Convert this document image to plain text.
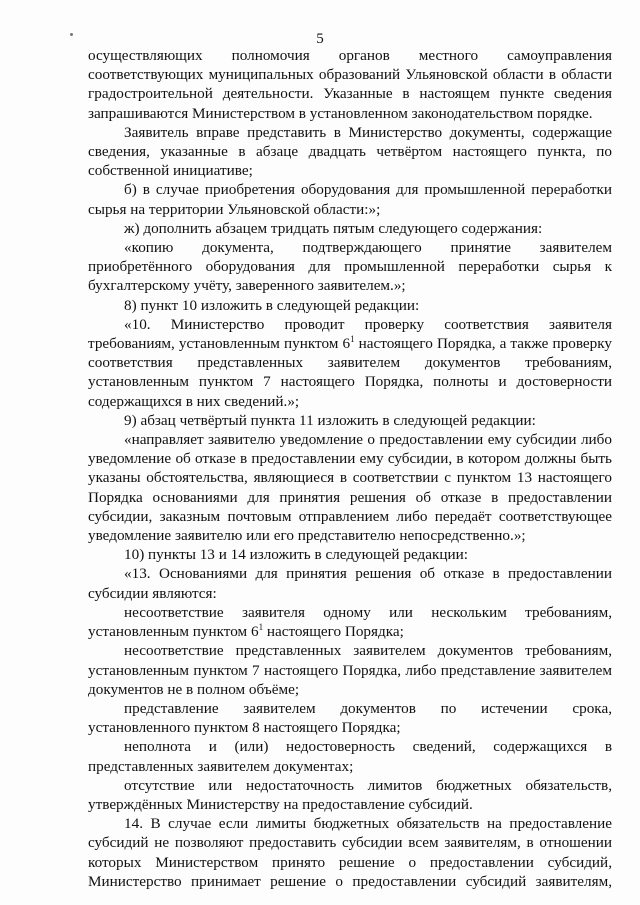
5

осуществляющих полномочия органов местного самоуправления соответствующих муниципальных образований Ульяновской области в области градостроительной деятельности. Указанные в настоящем пункте сведения запрашиваются Министерством в установленном законодательством порядке.

Заявитель вправе представить в Министерство документы, содержащие сведения, указанные в абзаце двадцать четвёртом настоящего пункта, по собственной инициативе;

б) в случае приобретения оборудования для промышленной переработки сырья на территории Ульяновской области:»;

ж) дополнить абзацем тридцать пятым следующего содержания:

«копию документа, подтверждающего принятие заявителем приобретённого оборудования для промышленной переработки сырья к бухгалтерскому учёту, заверенного заявителем.»;

8) пункт 10 изложить в следующей редакции:

«10. Министерство проводит проверку соответствия заявителя требованиям, установленным пунктом $6^1$ настоящего Порядка, а также проверку соответствия представленных заявителем документов требованиям, установленным пунктом 7 настоящего Порядка, полноты и достоверности содержащихся в них сведений.»;

9) абзац четвёртый пункта 11 изложить в следующей редакции:

«направляет заявителю уведомление о предоставлении ему субсидии либо уведомление об отказе в предоставлении ему субсидии, в котором должны быть указаны обстоятельства, являющиеся в соответствии с пунктом 13 настоящего Порядка основаниями для принятия решения об отказе в предоставлении субсидии, заказным почтовым отправлением либо передаёт соответствующее уведомление заявителю или его представителю непосредственно.»;

10) пункты 13 и 14 изложить в следующей редакции:

«13. Основаниями для принятия решения об отказе в предоставлении субсидии являются:

несоответствие заявителя одному или нескольким требованиям, установленным пунктом $6^1$ настоящего Порядка;

несоответствие представленных заявителем документов требованиям, установленным пунктом 7 настоящего Порядка, либо представление заявителем документов не в полном объёме;

представление заявителем документов по истечении срока, установленного пунктом 8 настоящего Порядка;

неполнота и (или) недостоверность сведений, содержащихся в представленных заявителем документах;

отсутствие или недостаточность лимитов бюджетных обязательств, утверждённых Министерству на предоставление субсидий.

14. В случае если лимиты бюджетных обязательств на предоставление субсидий не позволяют предоставить субсидии всем заявителям, в отношении которых Министерством принято решение о предоставлении субсидий, Министерство принимает решение о предоставлении субсидий заявителям,
